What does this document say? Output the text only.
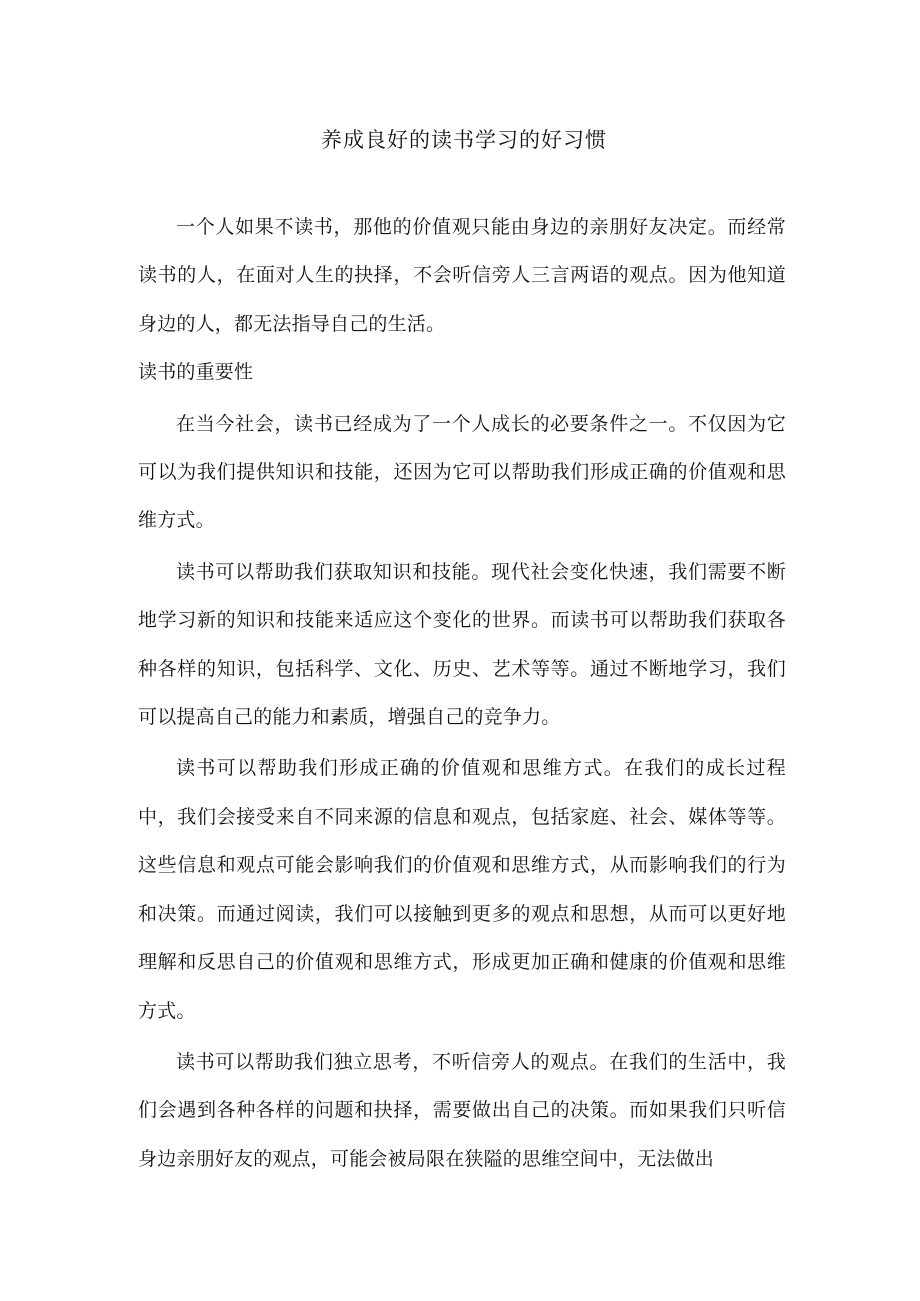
养成良好的读书学习的好习惯

一个人如果不读书，那他的价值观只能由身边的亲朋好友决定。而经常读书的人，在面对人生的抉择，不会听信旁人三言两语的观点。因为他知道身边的人，都无法指导自己的生活。

读书的重要性

在当今社会，读书已经成为了一个人成长的必要条件之一。不仅因为它可以为我们提供知识和技能，还因为它可以帮助我们形成正确的价值观和思维方式。

读书可以帮助我们获取知识和技能。现代社会变化快速，我们需要不断地学习新的知识和技能来适应这个变化的世界。而读书可以帮助我们获取各种各样的知识，包括科学、文化、历史、艺术等等。通过不断地学习，我们可以提高自己的能力和素质，增强自己的竞争力。

读书可以帮助我们形成正确的价值观和思维方式。在我们的成长过程中，我们会接受来自不同来源的信息和观点，包括家庭、社会、媒体等等。这些信息和观点可能会影响我们的价值观和思维方式，从而影响我们的行为和决策。而通过阅读，我们可以接触到更多的观点和思想，从而可以更好地理解和反思自己的价值观和思维方式，形成更加正确和健康的价值观和思维方式。

读书可以帮助我们独立思考，不听信旁人的观点。在我们的生活中，我们会遇到各种各样的问题和抉择，需要做出自己的决策。而如果我们只听信身边亲朋好友的观点，可能会被局限在狭隘的思维空间中，无法做出
